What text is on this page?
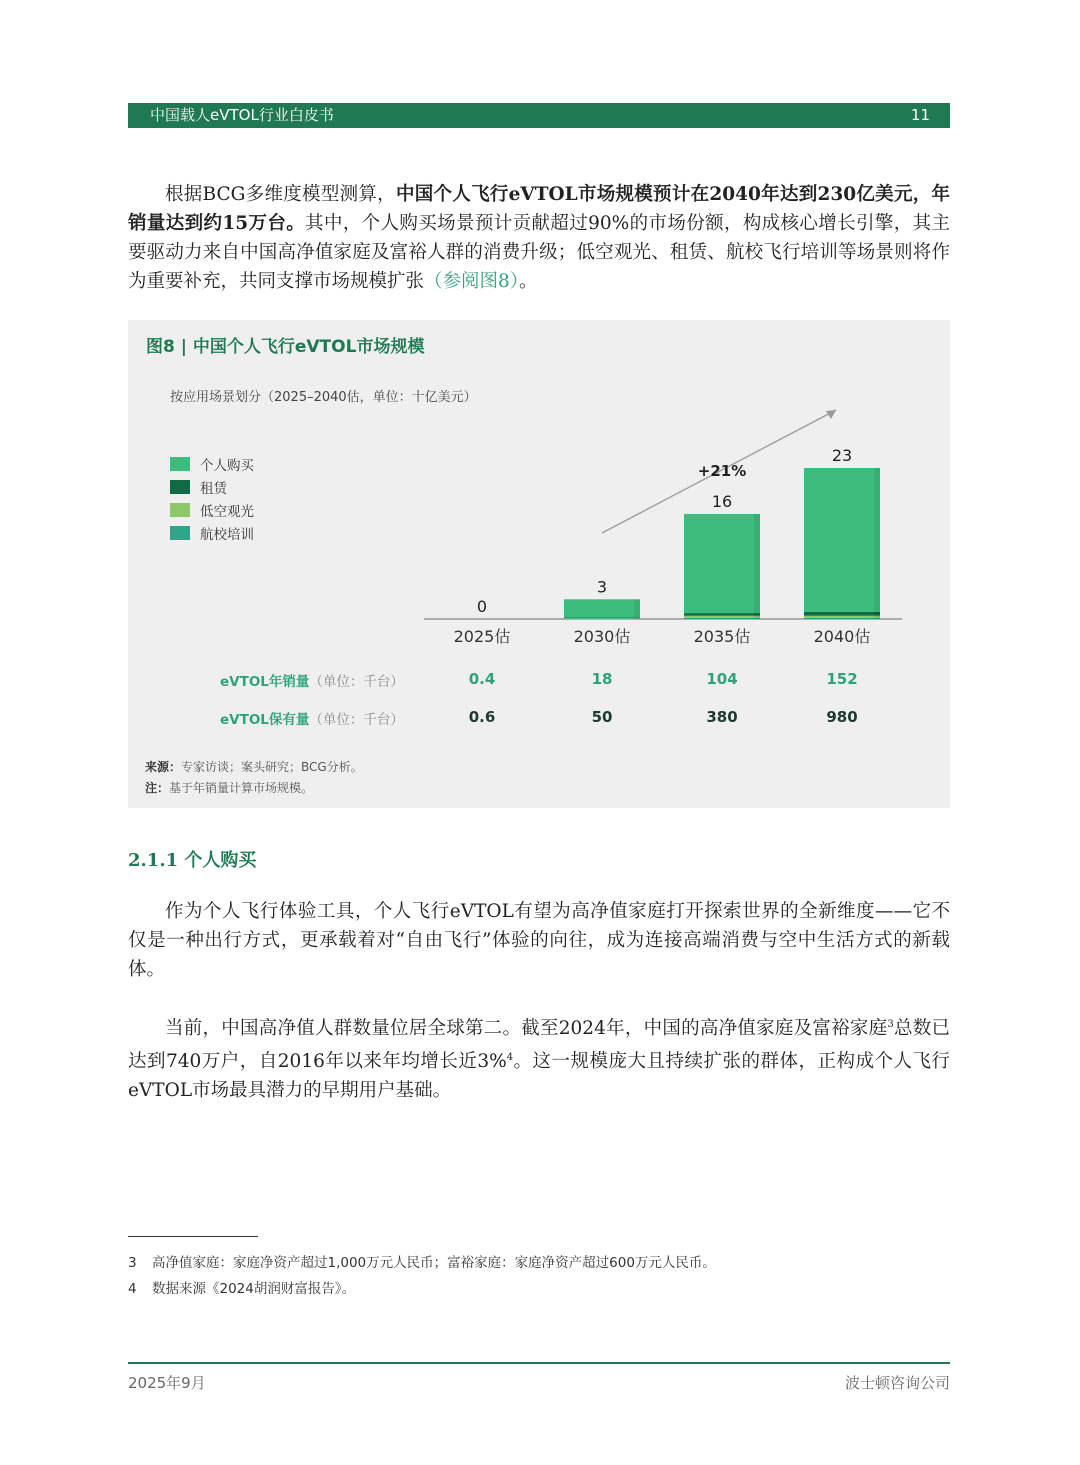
中国载人eVTOL行业白皮书	11

根据BCG多维度模型测算，中国个人飞行eVTOL市场规模预计在2040年达到230亿美元，年销量达到约15万台。其中，个人购买场景预计贡献超过90%的市场份额，构成核心增长引擎，其主要驱动力来自中国高净值家庭及富裕人群的消费升级；低空观光、租赁、航校飞行培训等场景则将作为重要补充，共同支撑市场规模扩张（参阅图8）。

图8 | 中国个人飞行eVTOL市场规模
按应用场景划分（2025–2040估，单位：十亿美元）
个人购买
租赁
低空观光
航校培训
+21%
0
2025估
3
2030估
16
2035估
23
2040估
eVTOL年销量（单位：千台）	0.4	18	104	152
eVTOL保有量（单位：千台）	0.6	50	380	980
来源：专家访谈；案头研究；BCG分析。
注：基于年销量计算市场规模。
2.1.1 个人购买

作为个人飞行体验工具，个人飞行eVTOL有望为高净值家庭打开探索世界的全新维度——它不仅是一种出行方式，更承载着对“自由飞行”体验的向往，成为连接高端消费与空中生活方式的新载体。

当前，中国高净值人群数量位居全球第二。截至2024年，中国的高净值家庭及富裕家庭$^3$总数已达到740万户，自2016年以来年均增长近3%$^4$。这一规模庞大且持续扩张的群体，正构成个人飞行eVTOL市场最具潜力的早期用户基础。

3 高净值家庭：家庭净资产超过1,000万元人民币；富裕家庭：家庭净资产超过600万元人民币。
4 数据来源《2024胡润财富报告》。
2025年9月	波士顿咨询公司
